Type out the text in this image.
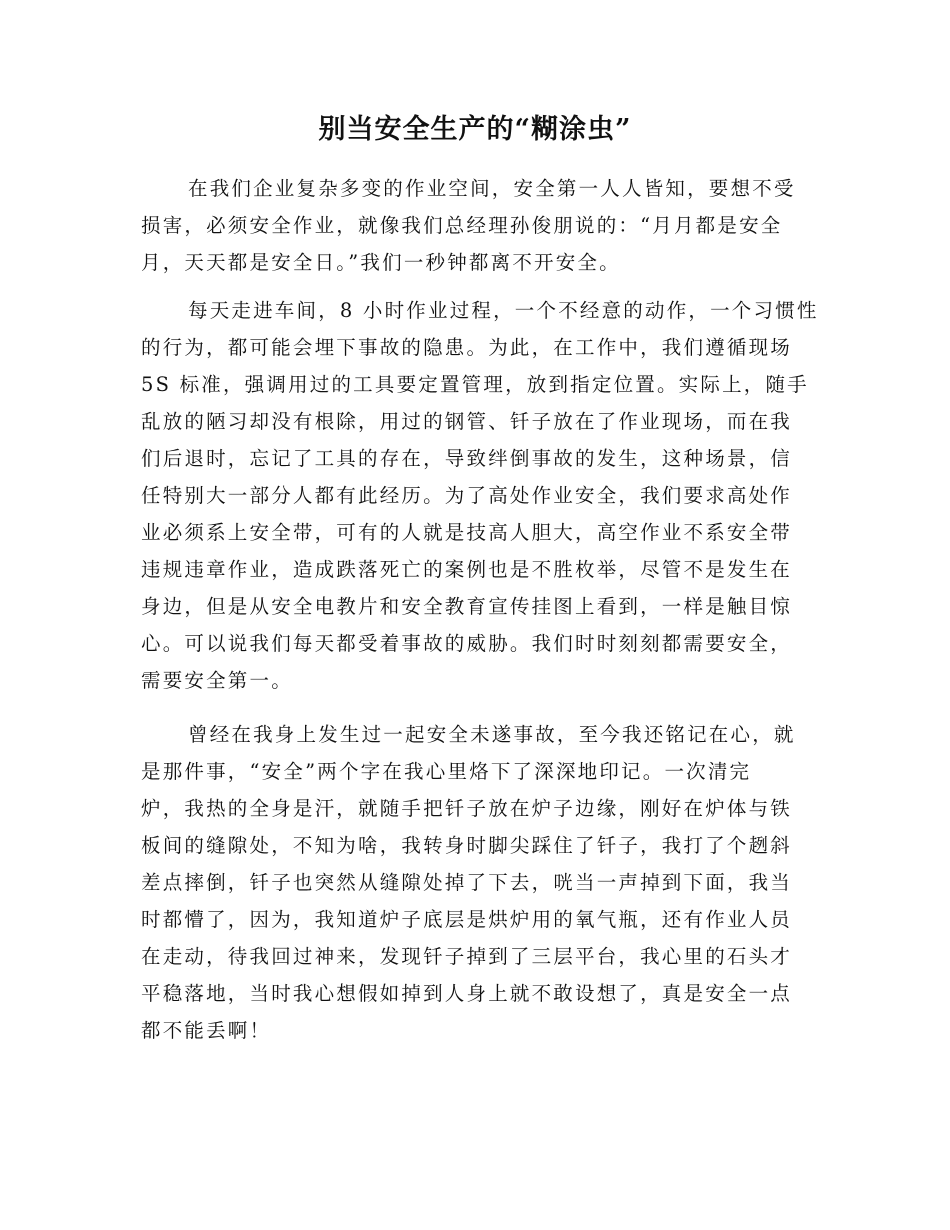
别当安全生产的“糊涂虫”
在我们企业复杂多变的作业空间，安全第一人人皆知，要想不受
损害，必须安全作业，就像我们总经理孙俊朋说的：“月月都是安全
月，天天都是安全日。”我们一秒钟都离不开安全。
每天走进车间，8 小时作业过程，一个不经意的动作，一个习惯性
的行为，都可能会埋下事故的隐患。为此，在工作中，我们遵循现场
5S 标准，强调用过的工具要定置管理，放到指定位置。实际上，随手
乱放的陋习却没有根除，用过的钢管、钎子放在了作业现场，而在我
们后退时，忘记了工具的存在，导致绊倒事故的发生，这种场景，信
任特别大一部分人都有此经历。为了高处作业安全，我们要求高处作
业必须系上安全带，可有的人就是技高人胆大，高空作业不系安全带
违规违章作业，造成跌落死亡的案例也是不胜枚举，尽管不是发生在
身边，但是从安全电教片和安全教育宣传挂图上看到，一样是触目惊
心。可以说我们每天都受着事故的威胁。我们时时刻刻都需要安全，
需要安全第一。
曾经在我身上发生过一起安全未遂事故，至今我还铭记在心，就
是那件事，“安全”两个字在我心里烙下了深深地印记。一次清完
炉，我热的全身是汗，就随手把钎子放在炉子边缘，刚好在炉体与铁
板间的缝隙处，不知为啥，我转身时脚尖踩住了钎子，我打了个趔斜
差点摔倒，钎子也突然从缝隙处掉了下去，咣当一声掉到下面，我当
时都懵了，因为，我知道炉子底层是烘炉用的氧气瓶，还有作业人员
在走动，待我回过神来，发现钎子掉到了三层平台，我心里的石头才
平稳落地，当时我心想假如掉到人身上就不敢设想了，真是安全一点
都不能丢啊！
